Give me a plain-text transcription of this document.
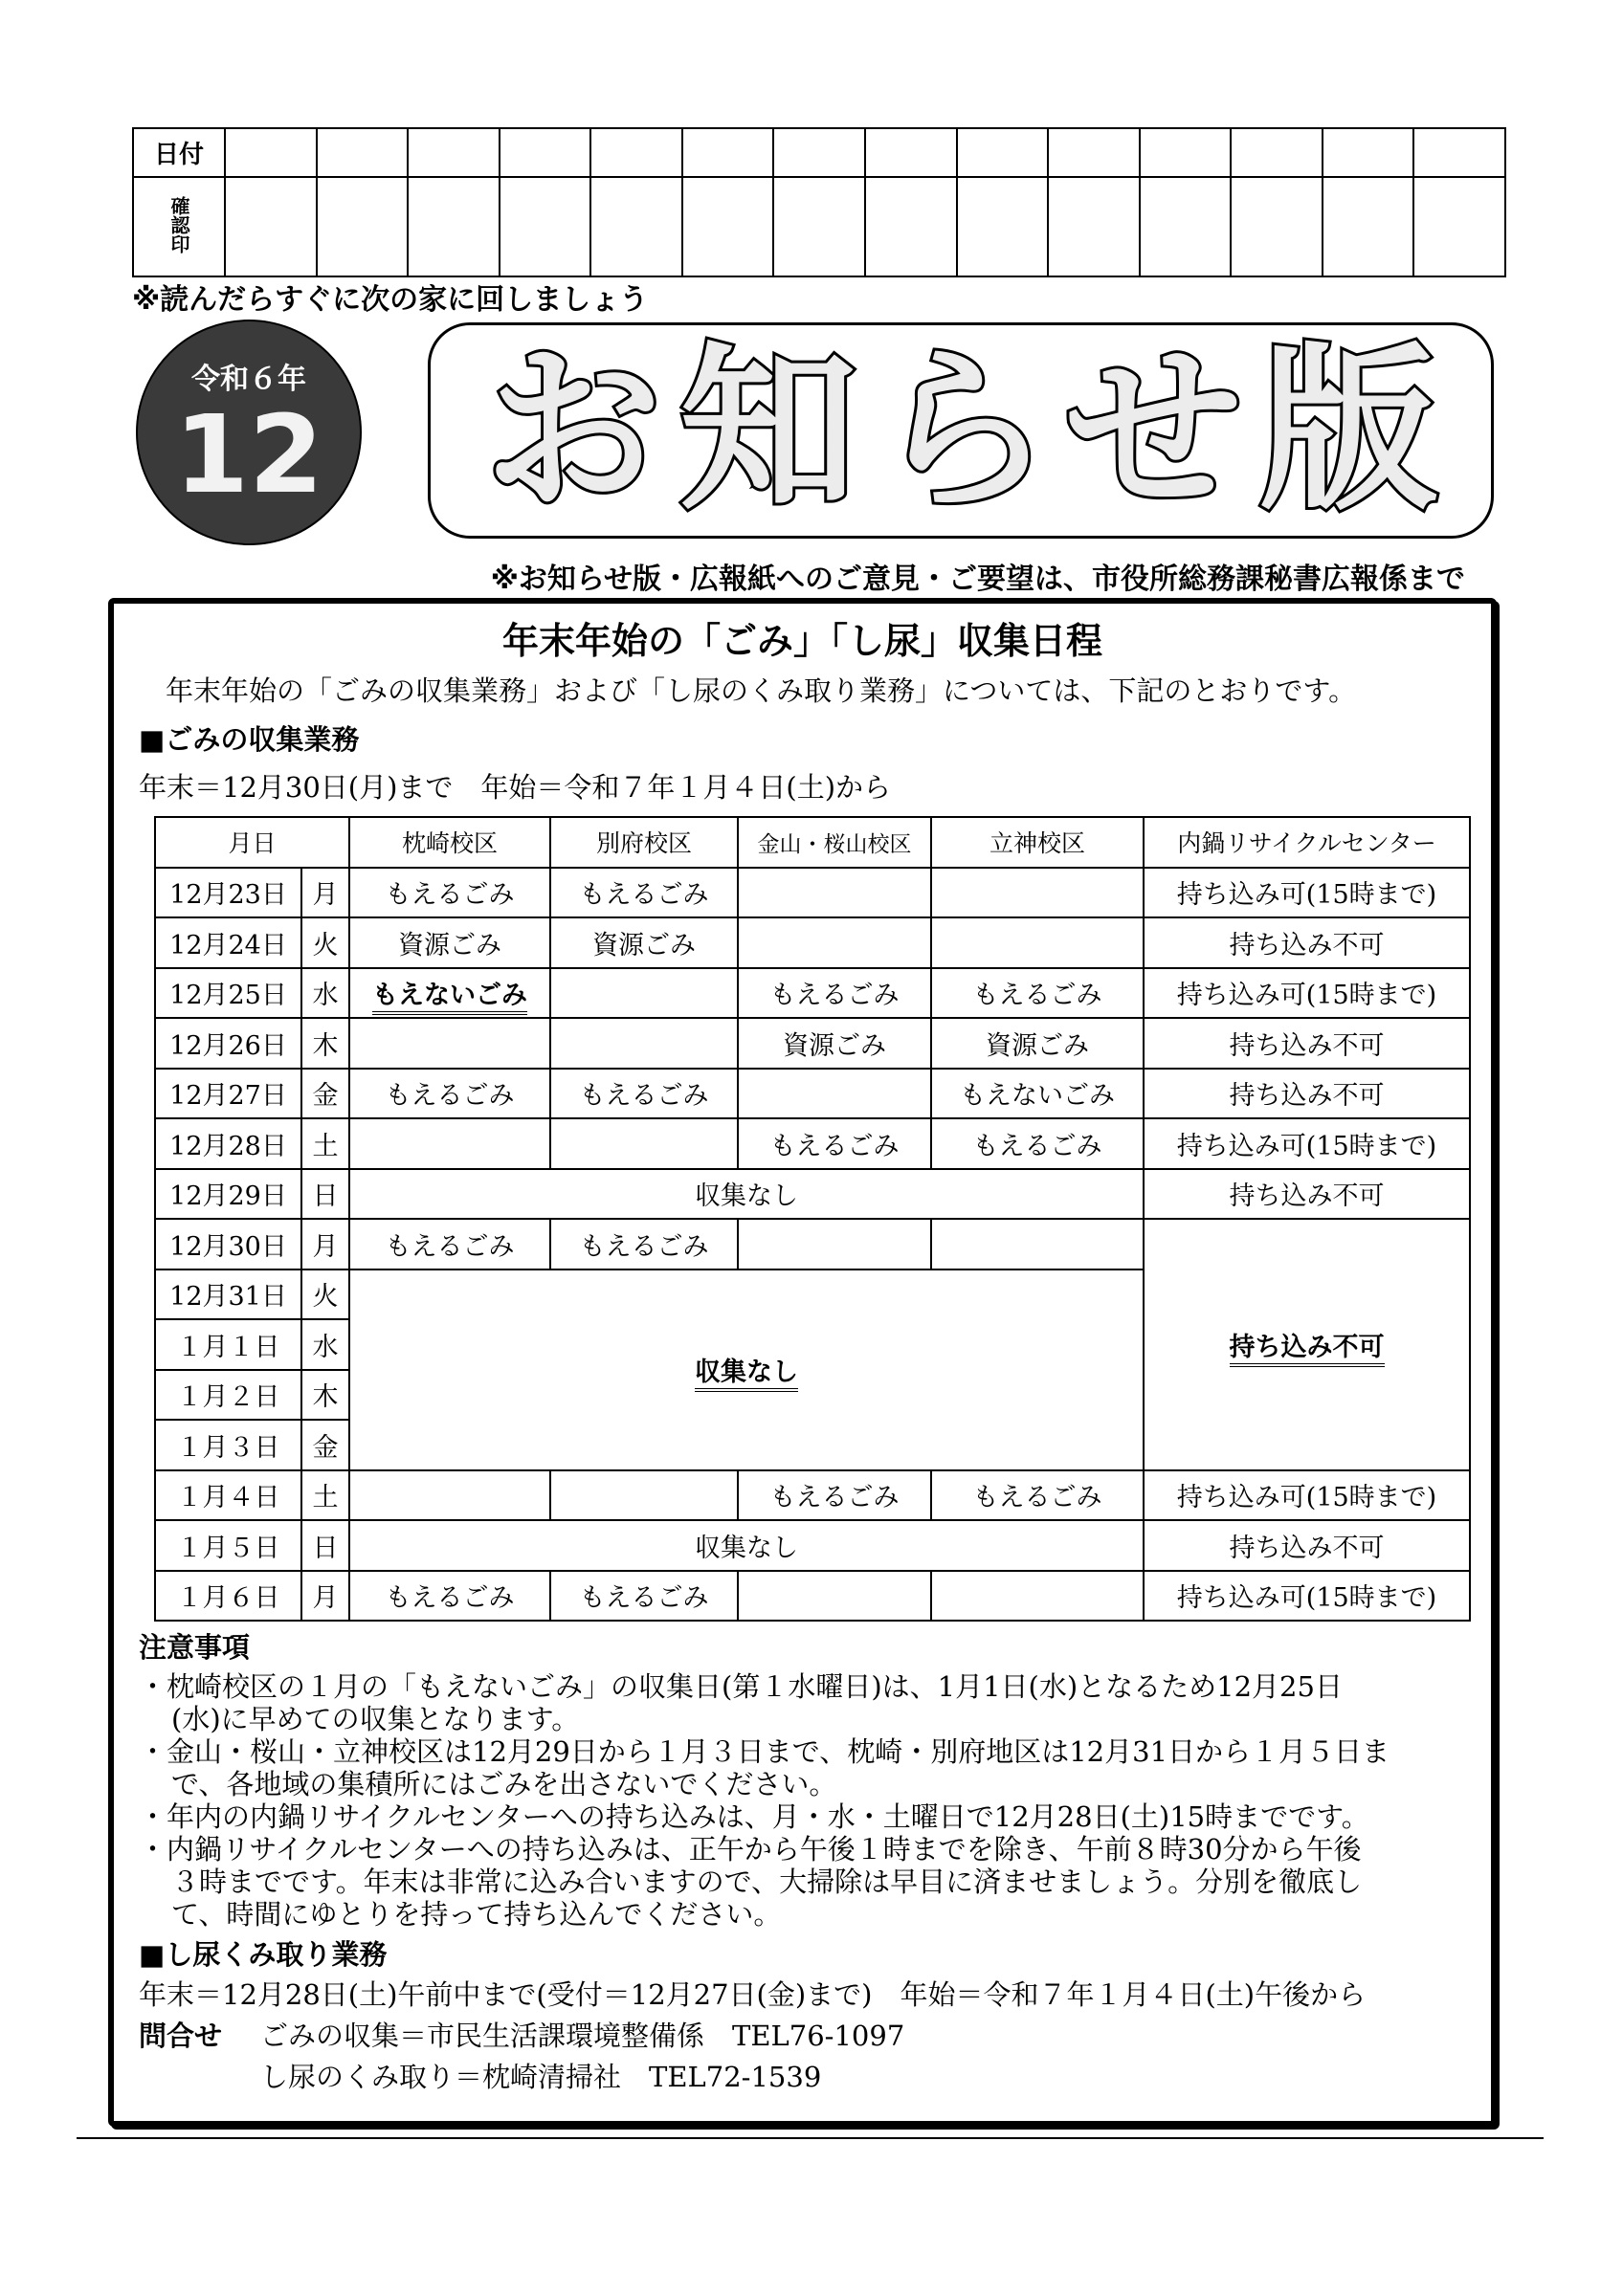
日付														
確認印														
※読んだらすぐに次の家に回しましょう
令和６年
12 お知らせ版
※お知らせ版・広報紙へのご意見・ご要望は、市役所総務課秘書広報係まで
年末年始の「ごみ」「し尿」収集日程
年末年始の「ごみの収集業務」および「し尿のくみ取り業務」については、下記のとおりです。
■ごみの収集業務
年末＝12月30日(月)まで　年始＝令和７年１月４日(土)から
月日		枕崎校区	別府校区	金山・桜山校区	立神校区	内鍋リサイクルセンター
12月23日	月	もえるごみ	もえるごみ			持ち込み可(15時まで)
12月24日	火	資源ごみ	資源ごみ			持ち込み不可
12月25日	水	もえないごみ		もえるごみ	もえるごみ	持ち込み可(15時まで)
12月26日	木			資源ごみ	資源ごみ	持ち込み不可
12月27日	金	もえるごみ	もえるごみ		もえないごみ	持ち込み不可
12月28日	土			もえるごみ	もえるごみ	持ち込み可(15時まで)
12月29日	日	収集なし				持ち込み不可
12月30日	月	もえるごみ	もえるごみ			持ち込み不可
12月31日	火	収集なし				
１月１日	水					
１月２日	木					
１月３日	金					
１月４日	土			もえるごみ	もえるごみ	持ち込み可(15時まで)
１月５日	日	収集なし				持ち込み不可
１月６日	月	もえるごみ	もえるごみ			持ち込み可(15時まで)
注意事項
・枕崎校区の１月の「もえないごみ」の収集日(第１水曜日)は、1月1日(水)となるため12月25日
(水)に早めての収集となります。
・金山・桜山・立神校区は12月29日から１月３日まで、枕崎・別府地区は12月31日から１月５日ま
で、各地域の集積所にはごみを出さないでください。
・年内の内鍋リサイクルセンターへの持ち込みは、月・水・土曜日で12月28日(土)15時までです。
・内鍋リサイクルセンターへの持ち込みは、正午から午後１時までを除き、午前８時30分から午後
３時までです。年末は非常に込み合いますので、大掃除は早目に済ませましょう。分別を徹底し
て、時間にゆとりを持って持ち込んでください。
■し尿くみ取り業務
年末＝12月28日(土)午前中まで(受付＝12月27日(金)まで)　年始＝令和７年１月４日(土)午後から
問合せ ごみの収集＝市民生活課環境整備係　TEL76-1097
し尿のくみ取り＝枕崎清掃社　TEL72-1539
